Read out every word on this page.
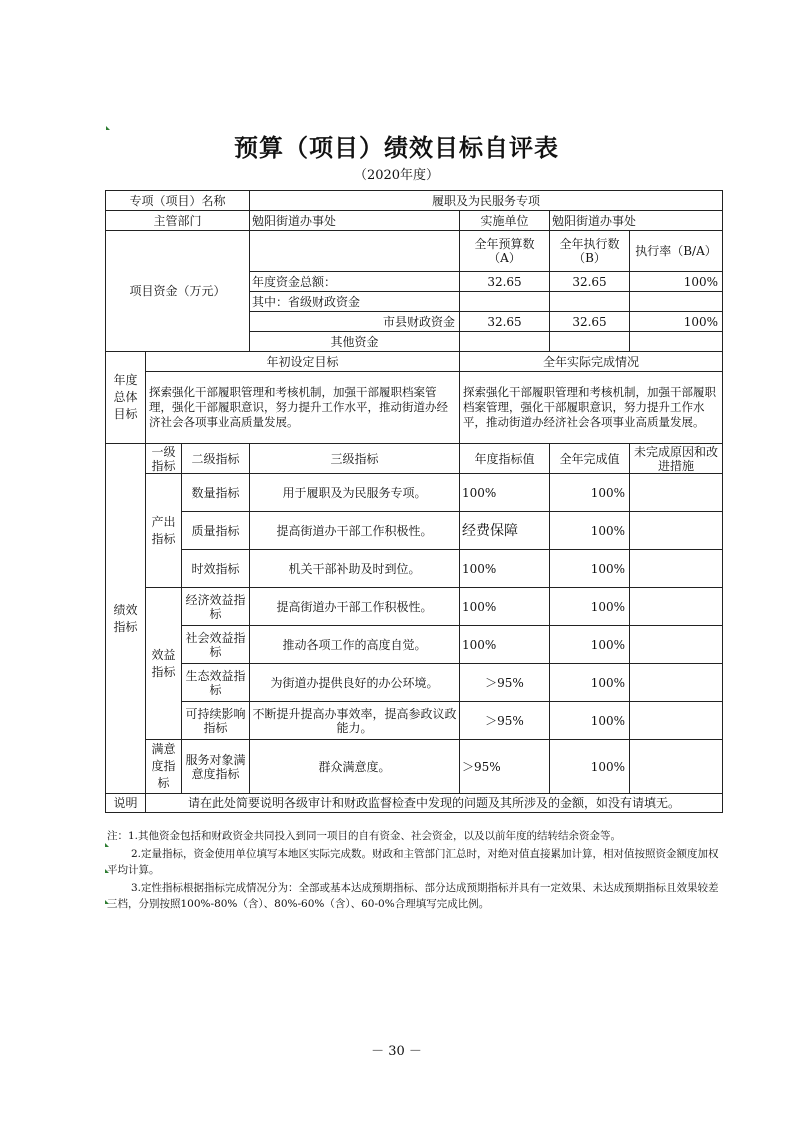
预算（项目）绩效目标自评表
（2020年度）
专项（项目）名称			履职及为民服务专项			
主管部门			勉阳街道办事处	实施单位	勉阳街道办事处	
项目资金（万元）				全年预算数（A）	全年执行数（B）	执行率（B/A）
			年度资金总额：	32.65	32.65	100%
			其中：省级财政资金			
			市县财政资金	32.65	32.65	100%
			其他资金			
年度总体目标	年初设定目标			全年实际完成情况		
	探索强化干部履职管理和考核机制，加强干部履职档案管理，强化干部履职意识，努力提升工作水平，推动街道办经济社会各项事业高质量发展。			探索强化干部履职管理和考核机制，加强干部履职档案管理，强化干部履职意识，努力提升工作水平，推动街道办经济社会各项事业高质量发展。		
绩效指标	一级指标	二级指标	三级指标	年度指标值	全年完成值	未完成原因和改进措施
	产出指标	数量指标	用于履职及为民服务专项。	100%	100%	
		质量指标	提高街道办干部工作积极性。	经费保障	100%	
		时效指标	机关干部补助及时到位。	100%	100%	
	效益指标	经济效益指标	提高街道办干部工作积极性。	100%	100%	
		社会效益指标	推动各项工作的高度自觉。	100%	100%	
		生态效益指标	为街道办提供良好的办公环境。	＞95%	100%	
		可持续影响指标	不断提升提高办事效率，提高参政议政能力。	＞95%	100%	
	满意度指标	服务对象满意度指标	群众满意度。	＞95%	100%	
说明	请在此处简要说明各级审计和财政监督检查中发现的问题及其所涉及的金额，如没有请填无。					

注：1.其他资金包括和财政资金共同投入到同一项目的自有资金、社会资金，以及以前年度的结转结余资金等。

2.定量指标，资金使用单位填写本地区实际完成数。财政和主管部门汇总时，对绝对值直接累加计算，相对值按照资金额度加权平均计算。

3.定性指标根据指标完成情况分为：全部或基本达成预期指标、部分达成预期指标并具有一定效果、未达成预期指标且效果较差三档，分别按照100%-80%（含）、80%-60%（含）、60-0%合理填写完成比例。

－ 30 －
